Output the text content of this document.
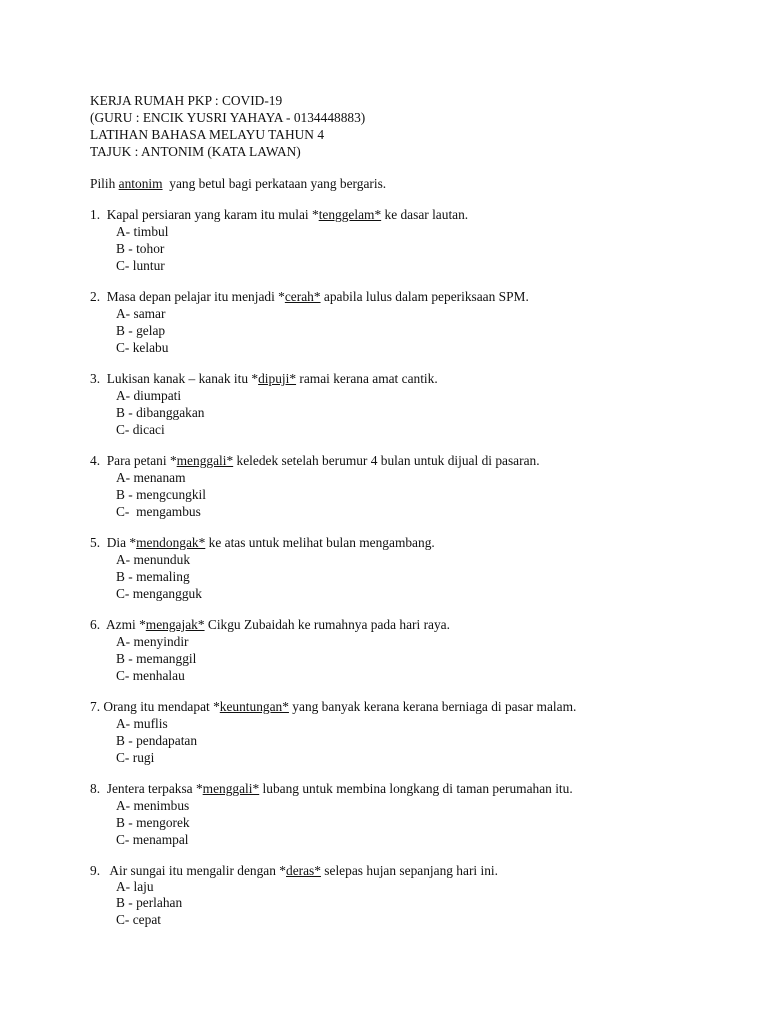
KERJA RUMAH PKP : COVID-19
(GURU : ENCIK YUSRI YAHAYA - 0134448883)
LATIHAN BAHASA MELAYU TAHUN 4
TAJUK : ANTONIM (KATA LAWAN)
Pilih antonim  yang betul bagi perkataan yang bergaris.
1.  Kapal persiaran yang karam itu mulai *tenggelam* ke dasar lautan.
A- timbul
B - tohor
C- luntur
2.  Masa depan pelajar itu menjadi *cerah* apabila lulus dalam peperiksaan SPM.
A- samar
B - gelap
C- kelabu
3.  Lukisan kanak – kanak itu *dipuji* ramai kerana amat cantik.
A- diumpati
B - dibanggakan
C- dicaci
4.  Para petani *menggali* keledek setelah berumur 4 bulan untuk dijual di pasaran.
A- menanam
B - mengcungkil
C-  mengambus
5.  Dia *mendongak* ke atas untuk melihat bulan mengambang.
A- menunduk
B - memaling
C- mengangguk
6.  Azmi *mengajak* Cikgu Zubaidah ke rumahnya pada hari raya.
A- menyindir
B - memanggil
C- menhalau
7. Orang itu mendapat *keuntungan* yang banyak kerana kerana berniaga di pasar malam.
A- muflis
B - pendapatan
C- rugi
8.  Jentera terpaksa *menggali* lubang untuk membina longkang di taman perumahan itu.
A- menimbus
B - mengorek
C- menampal
9.   Air sungai itu mengalir dengan *deras* selepas hujan sepanjang hari ini.
A- laju
B - perlahan
C- cepat
